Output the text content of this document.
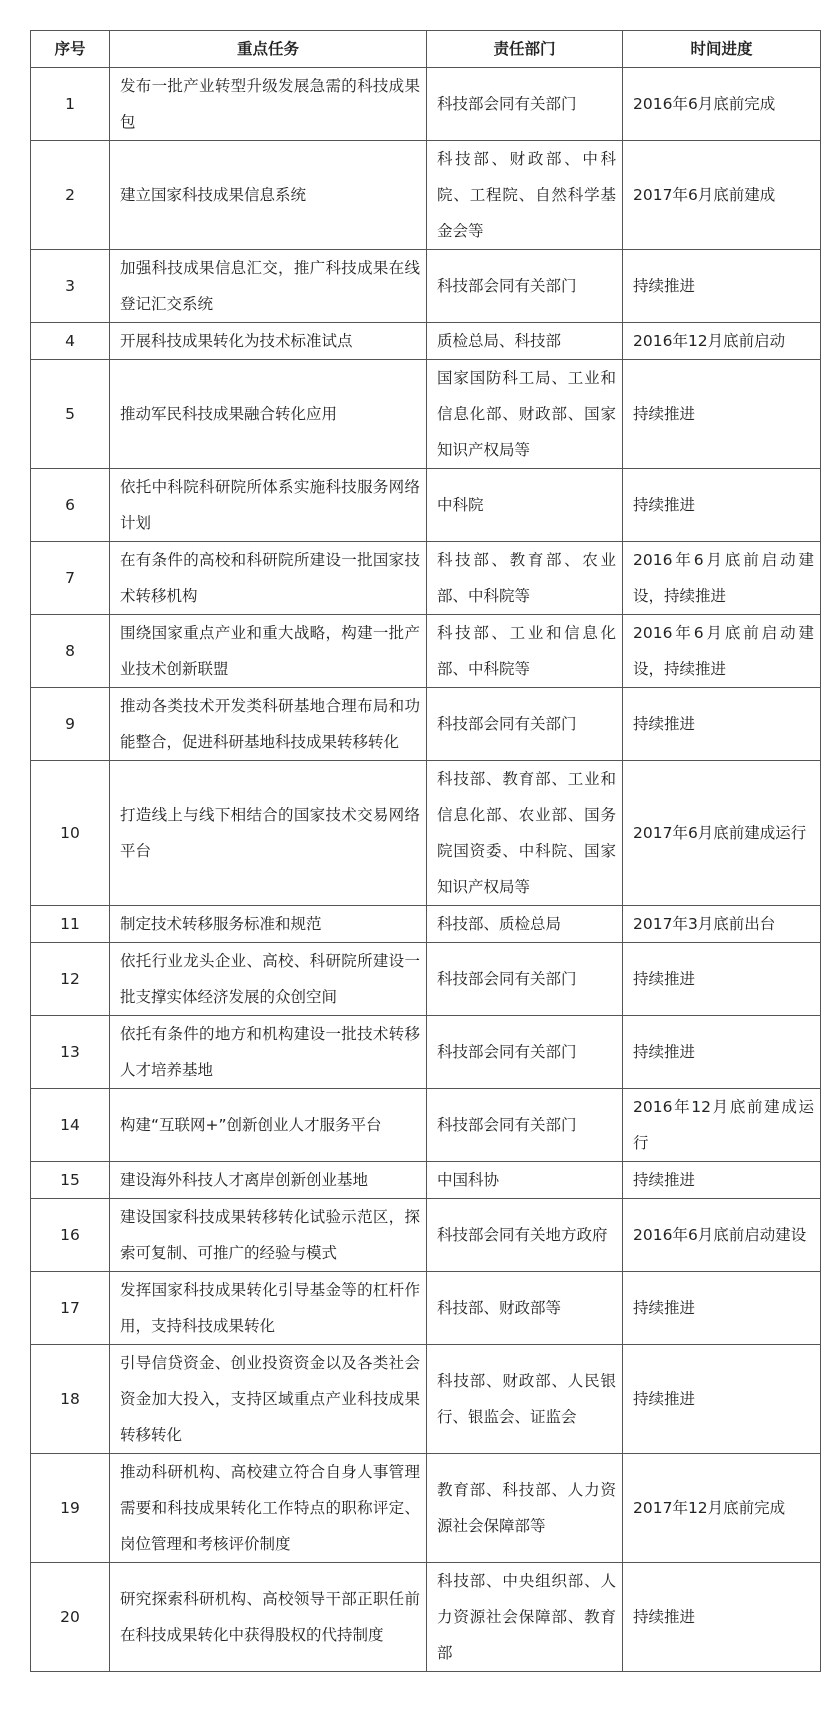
序号	重点任务	责任部门	时间进度
1	发布一批产业转型升级发展急需的科技成果包	科技部会同有关部门	2016年6月底前完成
2	建立国家科技成果信息系统	科技部、财政部、中科院、工程院、自然科学基金会等	2017年6月底前建成
3	加强科技成果信息汇交，推广科技成果在线登记汇交系统	科技部会同有关部门	持续推进
4	开展科技成果转化为技术标准试点	质检总局、科技部	2016年12月底前启动
5	推动军民科技成果融合转化应用	国家国防科工局、工业和信息化部、财政部、国家知识产权局等	持续推进
6	依托中科院科研院所体系实施科技服务网络计划	中科院	持续推进
7	在有条件的高校和科研院所建设一批国家技术转移机构	科技部、教育部、农业部、中科院等	2016年6月底前启动建设，持续推进
8	围绕国家重点产业和重大战略，构建一批产业技术创新联盟	科技部、工业和信息化部、中科院等	2016年6月底前启动建设，持续推进
9	推动各类技术开发类科研基地合理布局和功能整合，促进科研基地科技成果转移转化	科技部会同有关部门	持续推进
10	打造线上与线下相结合的国家技术交易网络平台	科技部、教育部、工业和信息化部、农业部、国务院国资委、中科院、国家知识产权局等	2017年6月底前建成运行
11	制定技术转移服务标准和规范	科技部、质检总局	2017年3月底前出台
12	依托行业龙头企业、高校、科研院所建设一批支撑实体经济发展的众创空间	科技部会同有关部门	持续推进
13	依托有条件的地方和机构建设一批技术转移人才培养基地	科技部会同有关部门	持续推进
14	构建“互联网+”创新创业人才服务平台	科技部会同有关部门	2016年12月底前建成运行
15	建设海外科技人才离岸创新创业基地	中国科协	持续推进
16	建设国家科技成果转移转化试验示范区，探索可复制、可推广的经验与模式	科技部会同有关地方政府	2016年6月底前启动建设
17	发挥国家科技成果转化引导基金等的杠杆作用，支持科技成果转化	科技部、财政部等	持续推进
18	引导信贷资金、创业投资资金以及各类社会资金加大投入，支持区域重点产业科技成果转移转化	科技部、财政部、人民银行、银监会、证监会	持续推进
19	推动科研机构、高校建立符合自身人事管理需要和科技成果转化工作特点的职称评定、岗位管理和考核评价制度	教育部、科技部、人力资源社会保障部等	2017年12月底前完成
20	研究探索科研机构、高校领导干部正职任前在科技成果转化中获得股权的代持制度	科技部、中央组织部、人力资源社会保障部、教育部	持续推进
